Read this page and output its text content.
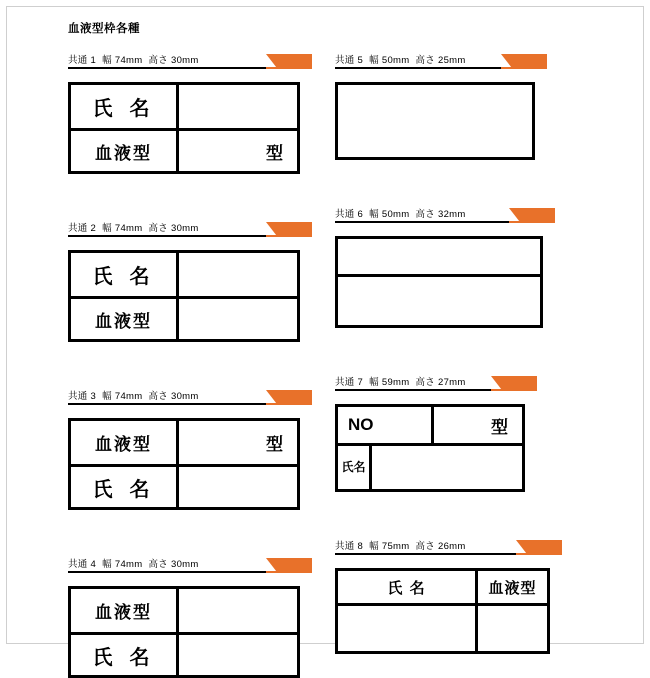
血液型枠各種
共通 1 幅 74mm 高さ 30mm
氏 名
血液型	型
共通 2 幅 74mm 高さ 30mm
氏 名
血液型
共通 3 幅 74mm 高さ 30mm
血液型	型
氏 名
共通 4 幅 74mm 高さ 30mm
血液型
氏 名
共通 5 幅 50mm 高さ 25mm
共通 6 幅 50mm 高さ 32mm
共通 7 幅 59mm 高さ 27mm
NO	型
氏 名
共通 8 幅 75mm 高さ 26mm
氏 名	血液型
